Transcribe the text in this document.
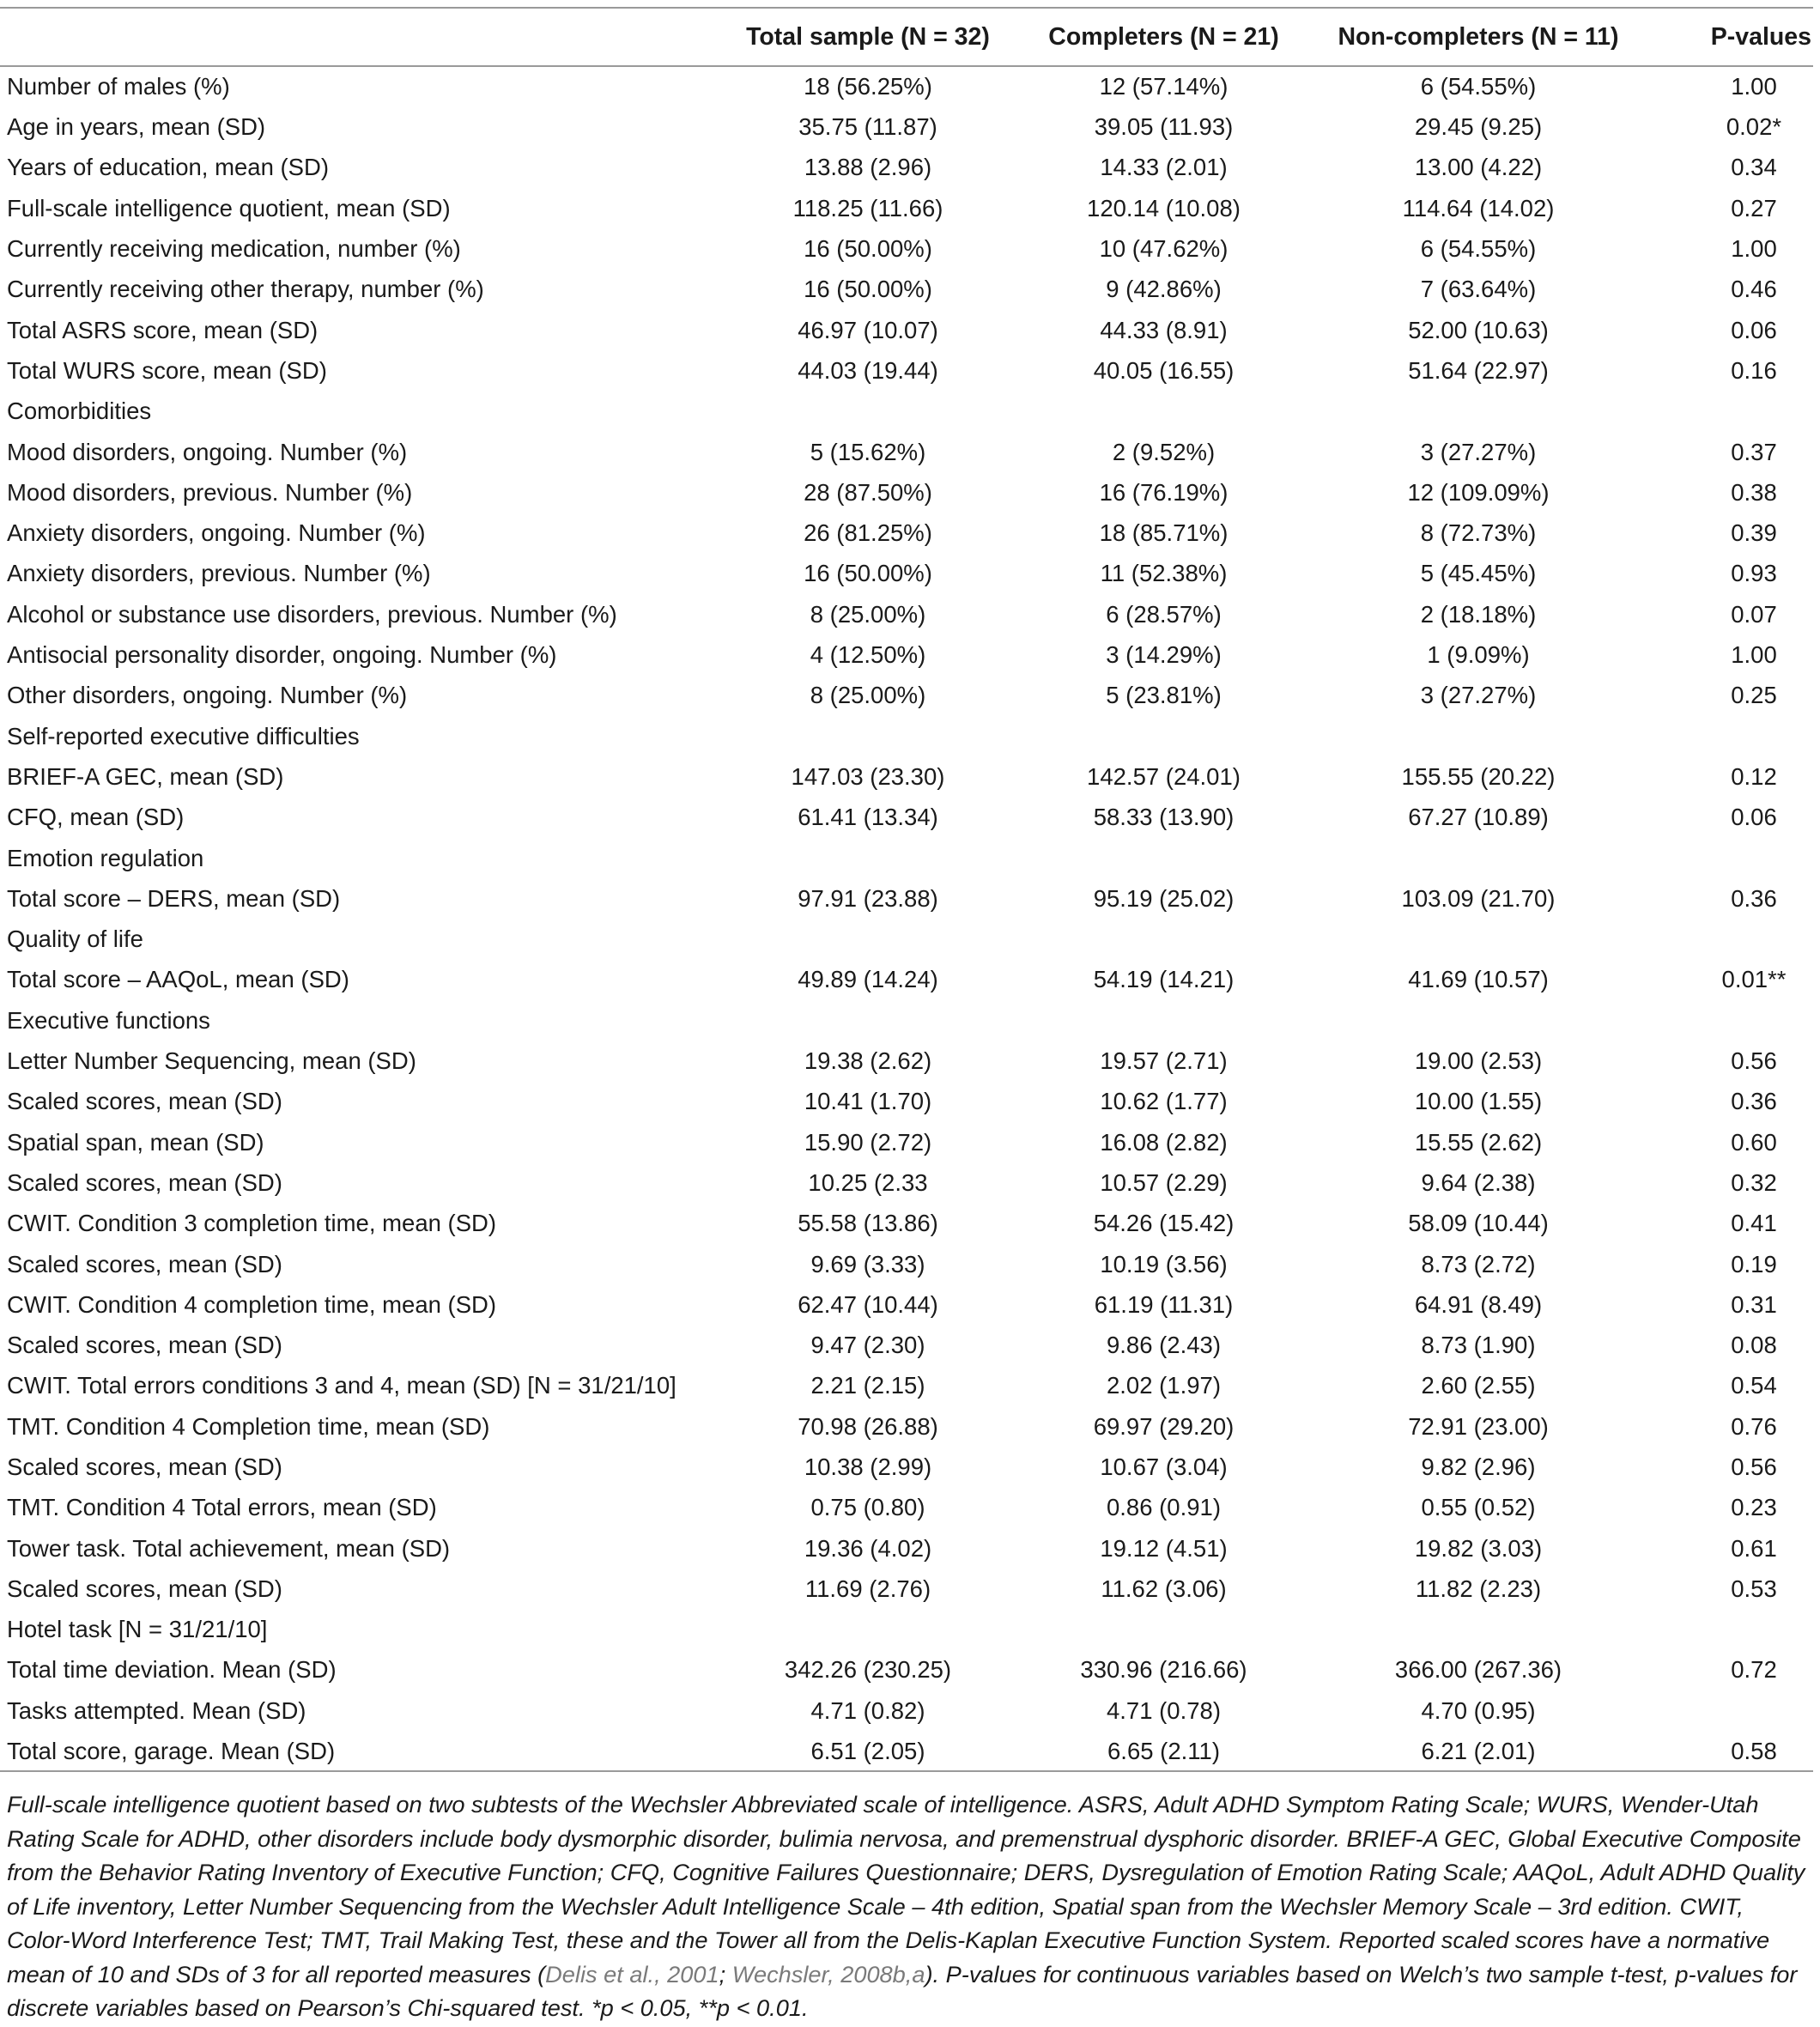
	Total sample (N = 32)	Completers (N = 21)	Non-completers (N = 11)	P-values
Number of males (%)	18 (56.25%)	12 (57.14%)	6 (54.55%)	1.00
Age in years, mean (SD)	35.75 (11.87)	39.05 (11.93)	29.45 (9.25)	0.02*
Years of education, mean (SD)	13.88 (2.96)	14.33 (2.01)	13.00 (4.22)	0.34
Full-scale intelligence quotient, mean (SD)	118.25 (11.66)	120.14 (10.08)	114.64 (14.02)	0.27
Currently receiving medication, number (%)	16 (50.00%)	10 (47.62%)	6 (54.55%)	1.00
Currently receiving other therapy, number (%)	16 (50.00%)	9 (42.86%)	7 (63.64%)	0.46
Total ASRS score, mean (SD)	46.97 (10.07)	44.33 (8.91)	52.00 (10.63)	0.06
Total WURS score, mean (SD)	44.03 (19.44)	40.05 (16.55)	51.64 (22.97)	0.16
Comorbidities				
Mood disorders, ongoing. Number (%)	5 (15.62%)	2 (9.52%)	3 (27.27%)	0.37
Mood disorders, previous. Number (%)	28 (87.50%)	16 (76.19%)	12 (109.09%)	0.38
Anxiety disorders, ongoing. Number (%)	26 (81.25%)	18 (85.71%)	8 (72.73%)	0.39
Anxiety disorders, previous. Number (%)	16 (50.00%)	11 (52.38%)	5 (45.45%)	0.93
Alcohol or substance use disorders, previous. Number (%)	8 (25.00%)	6 (28.57%)	2 (18.18%)	0.07
Antisocial personality disorder, ongoing. Number (%)	4 (12.50%)	3 (14.29%)	1 (9.09%)	1.00
Other disorders, ongoing. Number (%)	8 (25.00%)	5 (23.81%)	3 (27.27%)	0.25
Self-reported executive difficulties				
BRIEF-A GEC, mean (SD)	147.03 (23.30)	142.57 (24.01)	155.55 (20.22)	0.12
CFQ, mean (SD)	61.41 (13.34)	58.33 (13.90)	67.27 (10.89)	0.06
Emotion regulation				
Total score – DERS, mean (SD)	97.91 (23.88)	95.19 (25.02)	103.09 (21.70)	0.36
Quality of life				
Total score – AAQoL, mean (SD)	49.89 (14.24)	54.19 (14.21)	41.69 (10.57)	0.01**
Executive functions				
Letter Number Sequencing, mean (SD)	19.38 (2.62)	19.57 (2.71)	19.00 (2.53)	0.56
Scaled scores, mean (SD)	10.41 (1.70)	10.62 (1.77)	10.00 (1.55)	0.36
Spatial span, mean (SD)	15.90 (2.72)	16.08 (2.82)	15.55 (2.62)	0.60
Scaled scores, mean (SD)	10.25 (2.33	10.57 (2.29)	9.64 (2.38)	0.32
CWIT. Condition 3 completion time, mean (SD)	55.58 (13.86)	54.26 (15.42)	58.09 (10.44)	0.41
Scaled scores, mean (SD)	9.69 (3.33)	10.19 (3.56)	8.73 (2.72)	0.19
CWIT. Condition 4 completion time, mean (SD)	62.47 (10.44)	61.19 (11.31)	64.91 (8.49)	0.31
Scaled scores, mean (SD)	9.47 (2.30)	9.86 (2.43)	8.73 (1.90)	0.08
CWIT. Total errors conditions 3 and 4, mean (SD) [N = 31/21/10]	2.21 (2.15)	2.02 (1.97)	2.60 (2.55)	0.54
TMT. Condition 4 Completion time, mean (SD)	70.98 (26.88)	69.97 (29.20)	72.91 (23.00)	0.76
Scaled scores, mean (SD)	10.38 (2.99)	10.67 (3.04)	9.82 (2.96)	0.56
TMT. Condition 4 Total errors, mean (SD)	0.75 (0.80)	0.86 (0.91)	0.55 (0.52)	0.23
Tower task. Total achievement, mean (SD)	19.36 (4.02)	19.12 (4.51)	19.82 (3.03)	0.61
Scaled scores, mean (SD)	11.69 (2.76)	11.62 (3.06)	11.82 (2.23)	0.53
Hotel task [N = 31/21/10]				
Total time deviation. Mean (SD)	342.26 (230.25)	330.96 (216.66)	366.00 (267.36)	0.72
Tasks attempted. Mean (SD)	4.71 (0.82)	4.71 (0.78)	4.70 (0.95)	
Total score, garage. Mean (SD)	6.51 (2.05)	6.65 (2.11)	6.21 (2.01)	0.58
Full-scale intelligence quotient based on two subtests of the Wechsler Abbreviated scale of intelligence. ASRS, Adult ADHD Symptom Rating Scale; WURS, Wender-Utah Rating Scale for ADHD, other disorders include body dysmorphic disorder, bulimia nervosa, and premenstrual dysphoric disorder. BRIEF-A GEC, Global Executive Composite from the Behavior Rating Inventory of Executive Function; CFQ, Cognitive Failures Questionnaire; DERS, Dysregulation of Emotion Rating Scale; AAQoL, Adult ADHD Quality of Life inventory, Letter Number Sequencing from the Wechsler Adult Intelligence Scale – 4th edition, Spatial span from the Wechsler Memory Scale – 3rd edition. CWIT, Color-Word Interference Test; TMT, Trail Making Test, these and the Tower all from the Delis-Kaplan Executive Function System. Reported scaled scores have a normative mean of 10 and SDs of 3 for all reported measures (Delis et al., 2001; Wechsler, 2008b,a). P-values for continuous variables based on Welch’s two sample t-test, p-values for discrete variables based on Pearson’s Chi-squared test. *p < 0.05, **p < 0.01.
